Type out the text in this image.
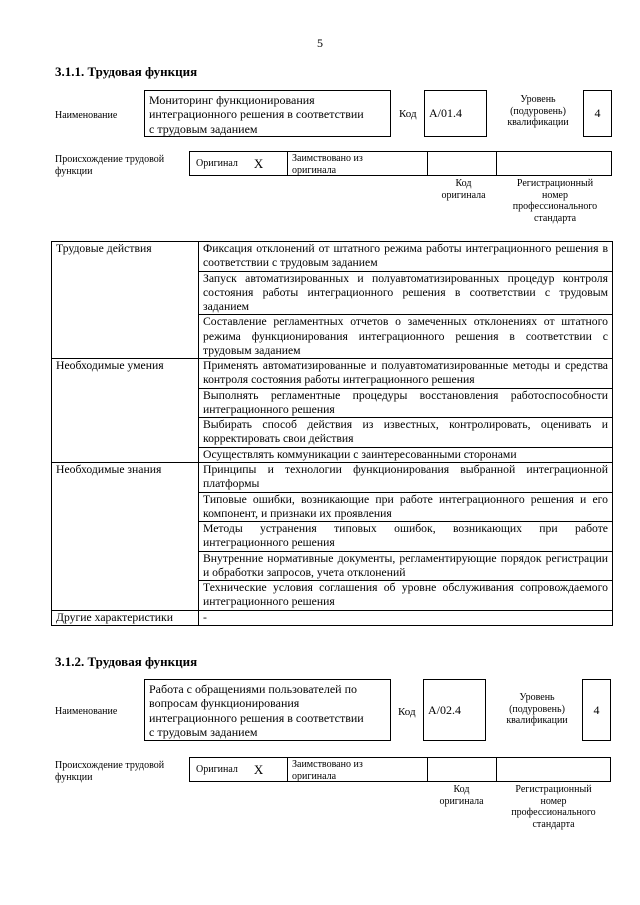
5
3.1.1. Трудовая функция
Наименование
Мониторинг функционирования
интеграционного решения в соответствии
с трудовым заданием
Код A/01.4
Уровень
(подуровень)
квалификации
4
Происхождение трудовой
функции
Оригинал X	Заимствовано из
оригинала
Код
оригинала
Регистрационный
номер
профессионального
стандарта
Трудовые действия	Фиксация отклонений от штатного режима работы интеграционного решения в соответствии с трудовым заданием
	Запуск автоматизированных и полуавтоматизированных процедур контроля состояния работы интеграционного решения в соответствии с трудовым заданием
	Составление регламентных отчетов о замеченных отклонениях от штатного режима функционирования интеграционного решения в соответствии с трудовым заданием
Необходимые умения	Применять автоматизированные и полуавтоматизированные методы и средства контроля состояния работы интеграционного решения
	Выполнять регламентные процедуры восстановления работоспособности интеграционного решения
	Выбирать способ действия из известных, контролировать, оценивать и корректировать свои действия
	Осуществлять коммуникации с заинтересованными сторонами
Необходимые знания	Принципы и технологии функционирования выбранной интеграционной платформы
	Типовые ошибки, возникающие при работе интеграционного решения и его компонент, и признаки их проявления
	Методы устранения типовых ошибок, возникающих при работе интеграционного решения
	Внутренние нормативные документы, регламентирующие порядок регистрации и обработки запросов, учета отклонений
	Технические условия соглашения об уровне обслуживания сопровождаемого интеграционного решения
Другие характеристики	-
3.1.2. Трудовая функция
Наименование
Работа с обращениями пользователей по
вопросам функционирования
интеграционного решения в соответствии
с трудовым заданием
Код A/02.4
Уровень
(подуровень)
квалификации
4
Происхождение трудовой
функции
Оригинал X	Заимствовано из
оригинала
Код
оригинала
Регистрационный
номер
профессионального
стандарта
